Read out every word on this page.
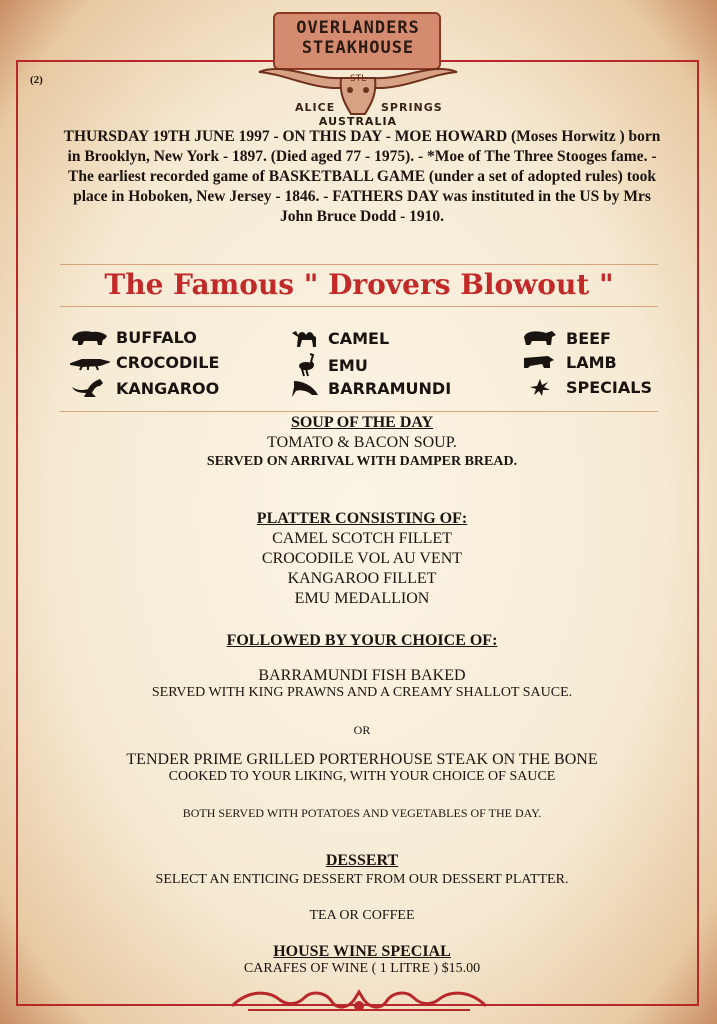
(2)
OVERLANDERS
STEAKHOUSE
STL
ALICE	SPRINGS
AUSTRALIA
THURSDAY 19TH JUNE 1997 - ON THIS DAY - MOE HOWARD (Moses Horwitz ) born
in Brooklyn, New York - 1897. (Died aged 77 - 1975). - *Moe of The Three Stooges fame. -
The earliest recorded game of BASKETBALL GAME (under a set of adopted rules) took
place in Hoboken, New Jersey - 1846. - FATHERS DAY was instituted in the US by Mrs
John Bruce Dodd - 1910.
The Famous " Drovers Blowout "
BUFFALO
CROCODILE
KANGAROO
CAMEL
EMU
BARRAMUNDI
BEEF
LAMB
SPECIALS
SOUP OF THE DAY
TOMATO & BACON SOUP.
SERVED ON ARRIVAL WITH DAMPER BREAD.
PLATTER CONSISTING OF:
CAMEL SCOTCH FILLET
CROCODILE VOL AU VENT
KANGAROO FILLET
EMU MEDALLION
FOLLOWED BY YOUR CHOICE OF:
BARRAMUNDI FISH BAKED
SERVED WITH KING PRAWNS AND A CREAMY SHALLOT SAUCE.
OR
TENDER PRIME GRILLED PORTERHOUSE STEAK ON THE BONE
COOKED TO YOUR LIKING, WITH YOUR CHOICE OF SAUCE
BOTH SERVED WITH POTATOES AND VEGETABLES OF THE DAY.
DESSERT
SELECT AN ENTICING DESSERT FROM OUR DESSERT PLATTER.
TEA OR COFFEE
HOUSE WINE SPECIAL
CARAFES OF WINE ( 1 LITRE ) $15.00
